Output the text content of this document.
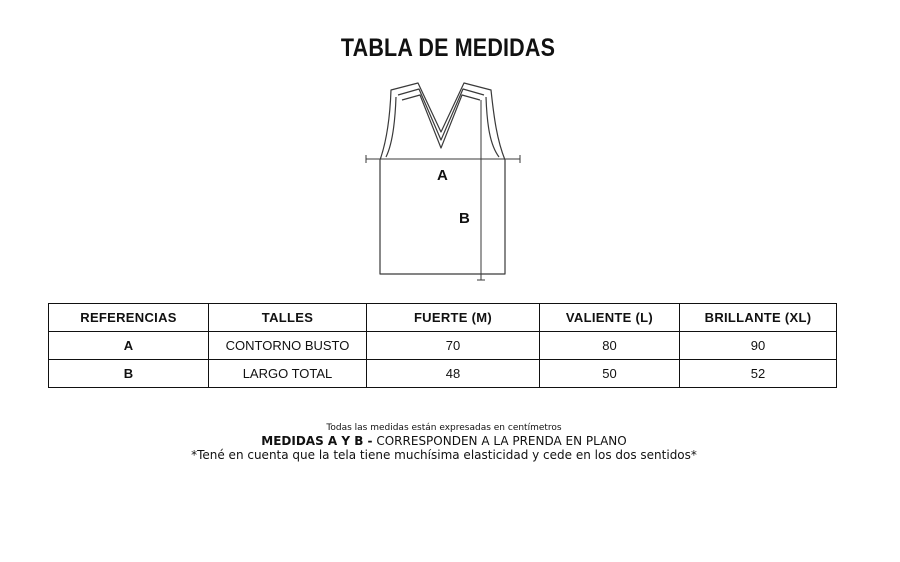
TABLA DE MEDIDAS
A
B
REFERENCIAS	TALLES	FUERTE (M)	VALIENTE (L)	BRILLANTE (XL)
A	CONTORNO BUSTO	70	80	90
B	LARGO TOTAL	48	50	52
Todas las medidas están expresadas en centímetros
MEDIDAS A Y B - CORRESPONDEN A LA PRENDA EN PLANO
*Tené en cuenta que la tela tiene muchísima elasticidad y cede en los dos sentidos*
